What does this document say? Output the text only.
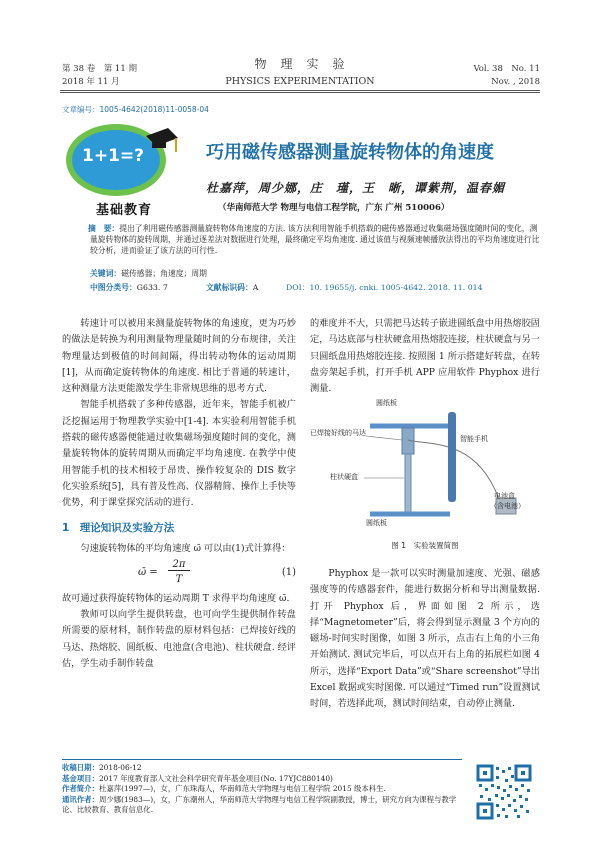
第 38 卷　第 11 期
2018 年 11 月
物　理　实　验
PHYSICS EXPERIMENTATION
Vol. 38　No. 11
Nov. , 2018
文章编号：1005-4642(2018)11-0058-04
1+1=?
基础教育
巧用磁传感器测量旋转物体的角速度
杜嘉萍，周少娜，庄　瑾，王　晰，谭紫荆，温春媚
（华南师范大学 物理与电信工程学院，广东 广州 510006）
摘　要：提出了利用磁传感器测量旋转物体角速度的方法. 该方法利用智能手机搭载的磁传感器通过收集磁场强度随时间的变化，测量旋转物体的旋转周期，并通过逐差法对数据进行处理，最终确定平均角速度. 通过该值与视频速帧播放法得出的平均角速度进行比较分析，进而验证了该方法的可行性.
关键词：磁传感器；角速度；周期
中图分类号：G633. 7	文献标识码：A	DOI：10. 19655/j. cnki. 1005-4642. 2018. 11. 014

转速计可以被用来测量旋转物体的角速度，更为巧妙的做法是转换为利用测量物理量随时间的分布规律，关注物理量达到极值的时间间隔，得出转动物体的运动周期[1]，从而确定旋转物体的角速度. 相比于普通的转速计，这种测量方法更能激发学生非常规思维的思考方式.

智能手机搭载了多种传感器，近年来，智能手机被广泛挖掘运用于物理教学实验中[1-4]. 本实验利用智能手机搭载的磁传感器便能通过收集磁场强度随时间的变化，测量旋转物体的旋转周期从而确定平均角速度. 在教学中使用智能手机的技术相较于昂贵、操作较复杂的 DIS 数字化实验系统[5]，具有普及性高、仪器精简、操作上手快等优势，利于课堂探究活动的进行.

1　理论知识及实验方法

匀速旋转物体的平均角速度 ω̄ 可以由(1)式计算得：

ω̄ =
2π
T
(1)

故可通过获得旋转物体的运动周期 T 求得平均角速度 ω̄.

教师可以向学生提供转盘，也可向学生提供制作转盘所需要的原材料，制作转盘的原材料包括：已焊接好线的马达、热熔胶、圆纸板、电池盒(含电池)、柱状硬盒. 经评估，学生动手制作转盘

的难度并不大，只需把马达转子嵌进圆纸盘中用热熔胶固定，马达底部与柱状硬盒用热熔胶连接，柱状硬盒与另一只圆纸盘用热熔胶连接. 按照图 1 所示搭建好转盘，在转盘旁架起手机，打开手机 APP 应用软件 Phyphox 进行测量.

圆纸板
已焊接好线的马达
智能手机
柱状硬盒
电池盒
（含电池）
圆纸板
图 1　实验装置简图

Phyphox 是一款可以实时测量加速度、光强、磁感强度等的传感器套件，能进行数据分析和导出测量数据. 打开 Phyphox 后，界面如图 2 所示，选择“Magnetometer”后，将会得到显示测量 3 个方向的磁场-时间实时图像，如图 3 所示，点击右上角的小三角开始测试. 测试完毕后，可以点开右上角的拓展栏如图 4 所示，选择“Export Data”或“Share screenshot”导出 Excel 数据或实时图像. 可以通过“Timed run”设置测试时间，若选择此项，测试时间结束，自动停止测量.

收稿日期：2018-06-12
基金项目：2017 年度教育部人文社会科学研究青年基金项目(No. 17YJC880140)
作者简介：杜嘉萍(1997—)，女，广东珠海人，华南师范大学物理与电信工程学院 2015 级本科生.
通讯作者：周少娜(1983—)，女，广东潮州人，华南师范大学物理与电信工程学院副教授，博士，研究方向为课程与教学论、比较教育、教育信息化.
